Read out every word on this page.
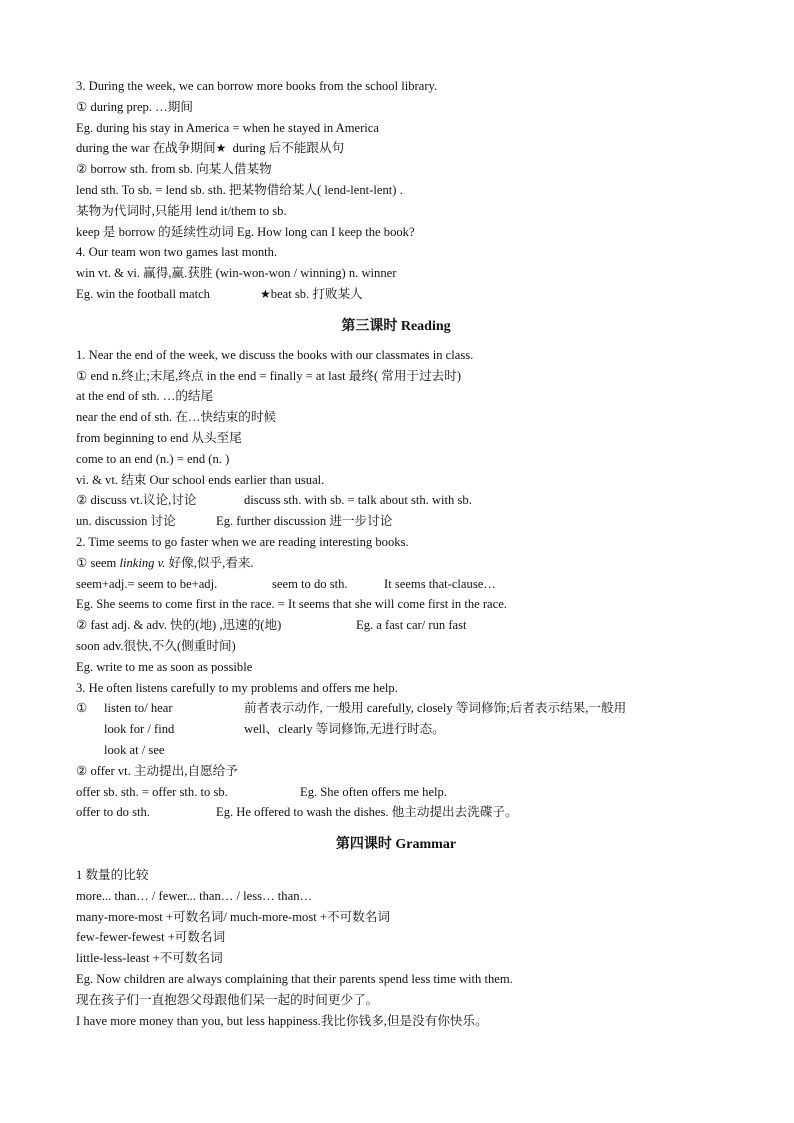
3. During the week, we can borrow more books from the school library.
① during prep. …期间
Eg. during his stay in America = when he stayed in America
during the war 在战争期间★ during 后不能跟从句
② borrow sth. from sb. 向某人借某物
lend sth. To sb. = lend sb. sth. 把某物借给某人( lend-lent-lent) .
某物为代词时,只能用 lend it/them to sb.
keep 是 borrow 的延续性动词 Eg. How long can I keep the book?
4. Our team won two games last month.
win vt. & vi. 赢得,赢.获胜 (win-won-won / winning) n. winner
Eg. win the football match	★beat sb. 打败某人
第三课时 Reading
1. Near the end of the week, we discuss the books with our classmates in class.
① end n.终止;末尾,终点 in the end = finally = at last 最终( 常用于过去时)
at the end of sth. …的结尾
near the end of sth. 在…快结束的时候
from beginning to end 从头至尾
come to an end (n.) = end (n. )
vi. & vt. 结束 Our school ends earlier than usual.
② discuss vt.议论,讨论	discuss sth. with sb. = talk about sth. with sb.
un. discussion 讨论	Eg. further discussion 进一步讨论
2. Time seems to go faster when we are reading interesting books.
① seem linking v. 好像,似乎,看来.
seem+adj.= seem to be+adj.	seem to do sth.	It seems that-clause…
Eg. She seems to come first in the race. = It seems that she will come first in the race.
② fast adj. & adv. 快的(地) ,迅速的(地)	Eg. a fast car/ run fast
soon adv.很快,不久(侧重时间)
Eg. write to me as soon as possible
3. He often listens carefully to my problems and offers me help.
① listen to/ hear	前者表示动作, 一般用 carefully, closely 等词修饰;后者表示结果,一般用
look for / find	well、clearly 等词修饰,无进行时态。
look at / see
② offer vt. 主动提出,自愿给予
offer sb. sth. = offer sth. to sb.	Eg. She often offers me help.
offer to do sth.	Eg. He offered to wash the dishes. 他主动提出去洗碟子。
第四课时 Grammar
1 数量的比较
more... than… / fewer... than… / less… than…
many-more-most +可数名词/ much-more-most +不可数名词
few-fewer-fewest +可数名词
little-less-least +不可数名词
Eg. Now children are always complaining that their parents spend less time with them.
现在孩子们一直抱怨父母跟他们呆一起的时间更少了。
I have more money than you, but less happiness.我比你钱多,但是没有你快乐。
